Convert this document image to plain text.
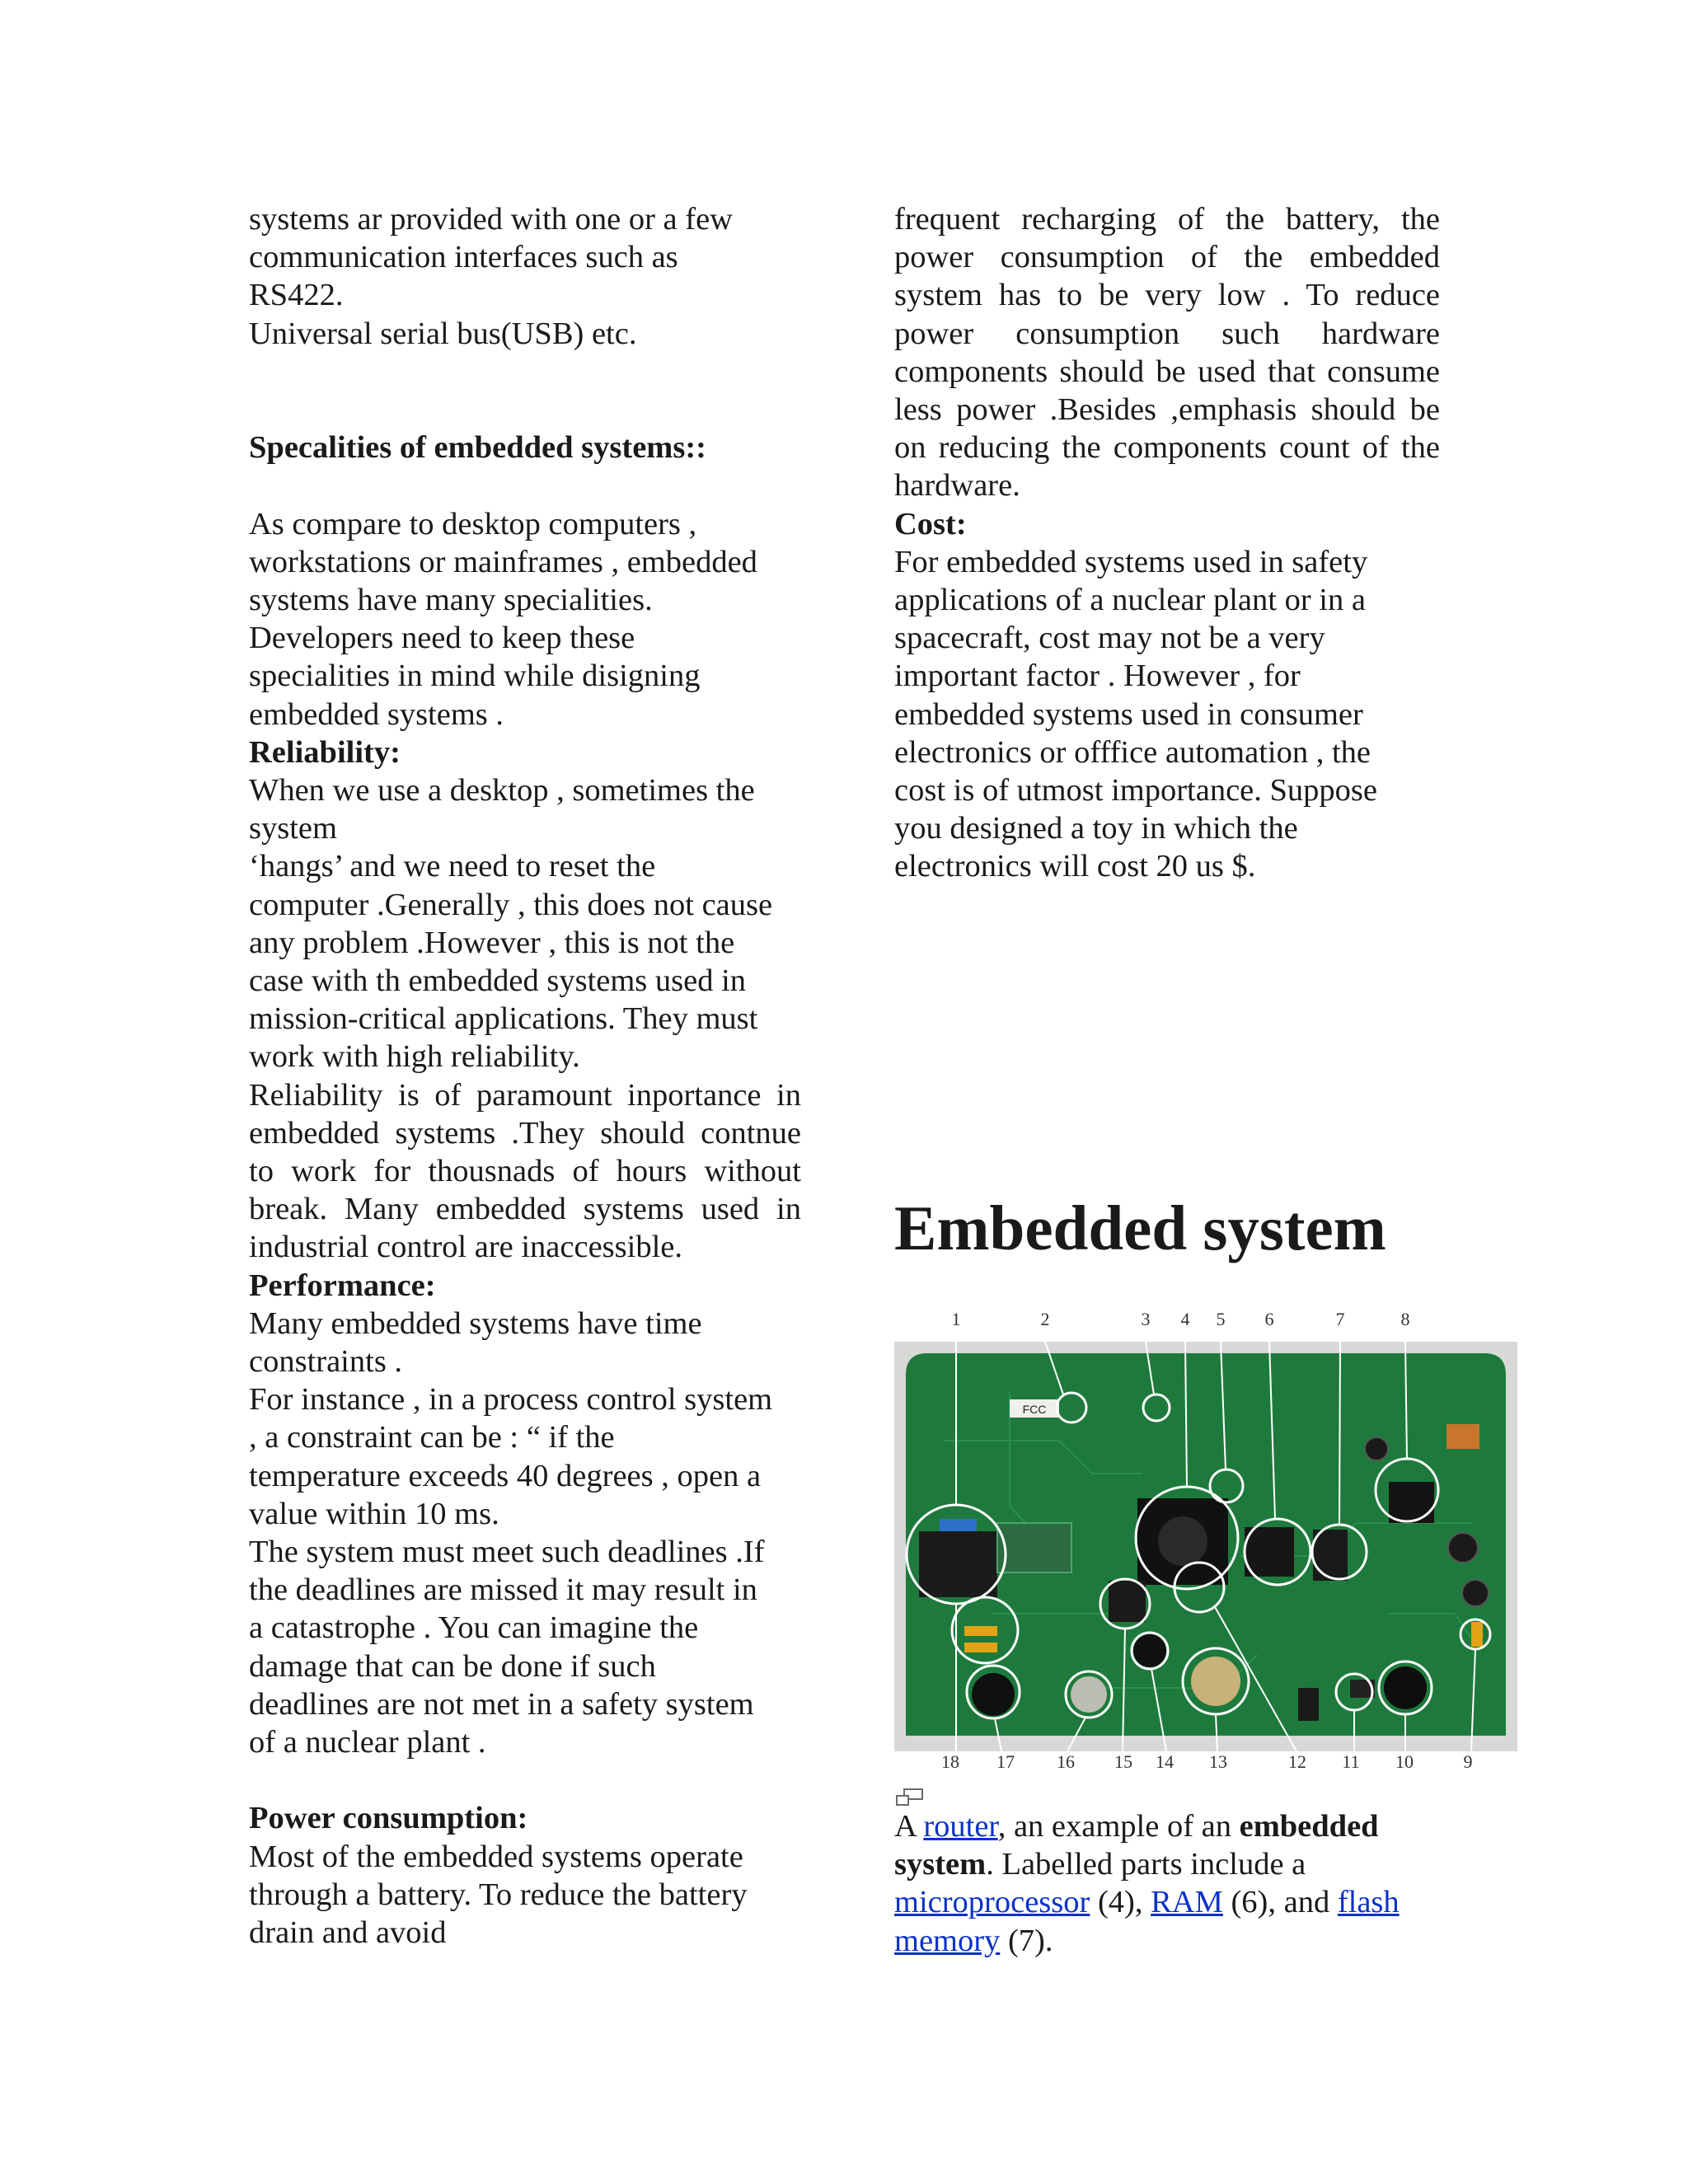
systems ar provided with one or a few
communication interfaces such as
RS422.
Universal serial bus(USB) etc.

Specalities of embedded systems::

As compare to desktop computers ,
workstations or mainframes , embedded
systems have many specialities.
Developers need to keep these
specialities in mind while disigning
embedded systems .

Reliability:

When we use a desktop , sometimes the
system
‘hangs’ and we need to reset the
computer .Generally , this does not cause
any problem .However , this is not the
case with th embedded systems used in
mission-critical applications. They must
work with high reliability.

Reliability is of paramount inportance in embedded systems .They should contnue to work for thousnads of hours without break. Many embedded systems used in industrial control are inaccessible.

Performance:

Many embedded systems have time
constraints .
For instance , in a process control system
, a constraint can be : “ if the
temperature exceeds 40 degrees , open a
value within 10 ms.
The system must meet such deadlines .If
the deadlines are missed it may result in
a catastrophe . You can imagine the
damage that can be done if such
deadlines are not met in a safety system
of a nuclear plant .

Power consumption:

Most of the embedded systems operate
through a battery. To reduce the battery
drain and avoid

frequent recharging of the battery, the power consumption of the embedded system has to be very low . To reduce power consumption such hardware components should be used that consume less power .Besides ,emphasis should be on reducing the components count of the hardware.

Cost:

For embedded systems used in safety
applications of a nuclear plant or in a
spacecraft, cost may not be a very
important factor . However , for
embedded systems used in consumer
electronics or offfice automation , the
cost is of utmost importance. Suppose
you designed a toy in which the
electronics will cost 20 us $.

Embedded system
1	2	3 4 5 6	7	8
FCC
18 17 16 15 14 13	12 11 10	9
A router, an example of an embedded system. Labelled parts include a microprocessor (4), RAM (6), and flash memory (7).
